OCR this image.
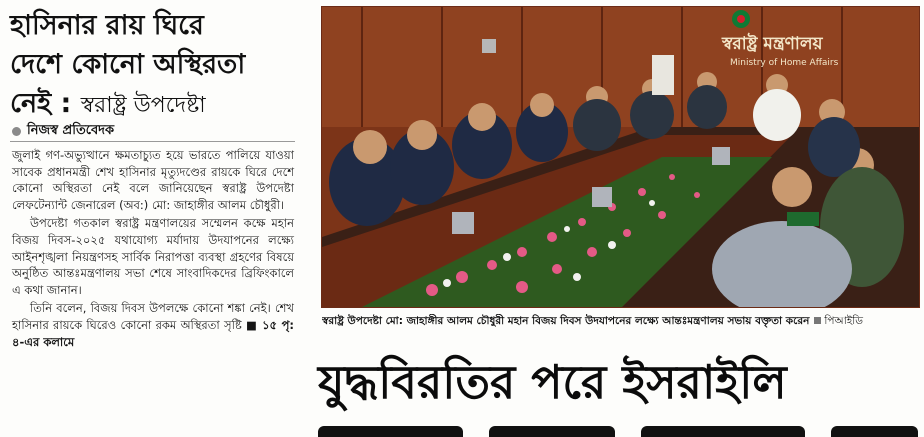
হাসিনার রায় ঘিরে
দেশে কোনো অস্থিরতা
নেই : স্বরাষ্ট্র উপদেষ্টা
নিজস্ব প্রতিবেদক

জুলাই গণ-অভ্যুত্থানে ক্ষমতাচ্যুত হয়ে ভারতে পালিয়ে যাওয়া সাবেক প্রধানমন্ত্রী শেখ হাসিনার মৃত্যুদণ্ডের রায়কে ঘিরে দেশে কোনো অস্থিরতা নেই বলে জানিয়েছেন স্বরাষ্ট্র উপদেষ্টা লেফটেন্যান্ট জেনারেল (অব:) মো: জাহাঙ্গীর আলম চৌধুরী।

উপদেষ্টা গতকাল স্বরাষ্ট্র মন্ত্রণালয়ের সম্মেলন কক্ষে মহান বিজয় দিবস-২০২৫ যথাযোগ্য মর্যাদায় উদযাপনের লক্ষ্যে আইনশৃঙ্খলা নিয়ন্ত্রণসহ সার্বিক নিরাপত্তা ব্যবস্থা গ্রহণের বিষয়ে অনুষ্ঠিত আন্তঃমন্ত্রণালয় সভা শেষে সাংবাদিকদের ব্রিফিংকালে এ কথা জানান।

তিনি বলেন, বিজয় দিবস উপলক্ষে কোনো শঙ্কা নেই। শেখ হাসিনার রায়কে ঘিরেও কোনো রকম অস্থিরতা সৃষ্টি ■ ১৫ পৃ: ৪-এর কলামে

স্বরাষ্ট্র মন্ত্রণালয়
Ministry of Home Affairs
স্বরাষ্ট্র উপদেষ্টা মো: জাহাঙ্গীর আলম চৌধুরী মহান বিজয় দিবস উদযাপনের লক্ষ্যে আন্তঃমন্ত্রণালয় সভায় বক্তৃতা করেন পিআইডি
যুদ্ধবিরতির পরে ইসরাইলি
